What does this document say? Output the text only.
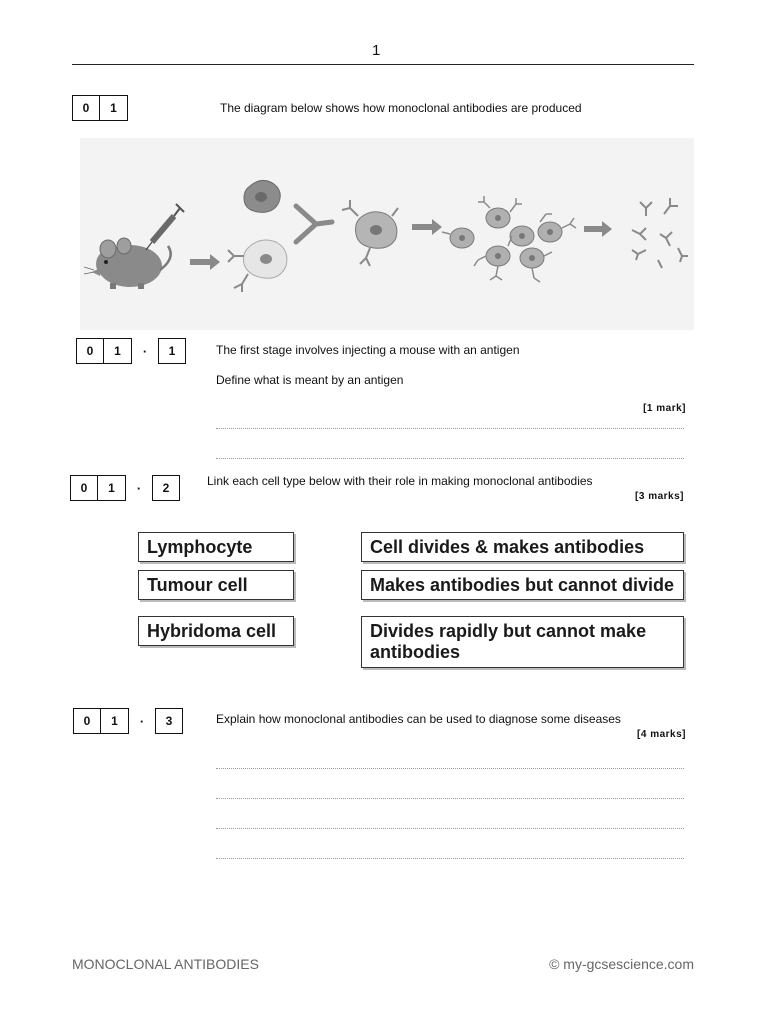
1
0	1	The diagram below shows how monoclonal antibodies are produced
0	1	·	1	The first stage involves injecting a mouse with an antigen
Define what is meant by an antigen
[1 mark]
0	1	·	2	Link each cell type below with their role in making monoclonal antibodies
[3 marks]
Lymphocyte
Tumour cell
Hybridoma cell
Cell divides & makes antibodies
Makes antibodies but cannot divide
Divides rapidly but cannot make antibodies
0	1	·	3	Explain how monoclonal antibodies can be used to diagnose some diseases
[4 marks]
MONOCLONAL ANTIBODIES	© my-gcsescience.com
